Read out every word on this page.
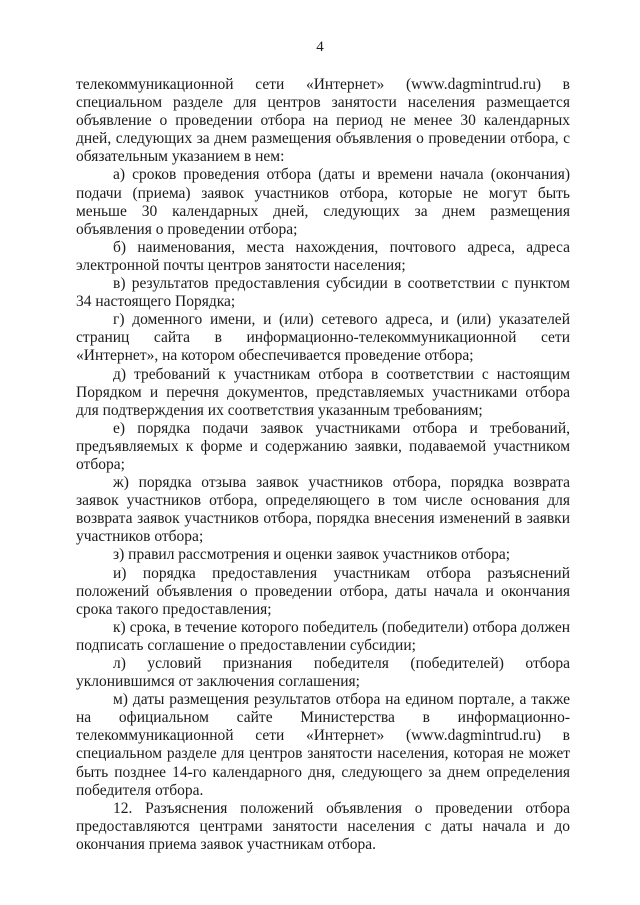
4

телекоммуникационной сети «Интернет» (www.dagmintrud.ru) в специальном разделе для центров занятости населения размещается объявление о проведении отбора на период не менее 30 календарных дней, следующих за днем размещения объявления о проведении отбора, с обязательным указанием в нем:

а) сроков проведения отбора (даты и времени начала (окончания) подачи (приема) заявок участников отбора, которые не могут быть меньше 30 календарных дней, следующих за днем размещения объявления о проведении отбора;

б) наименования, места нахождения, почтового адреса, адреса электронной почты центров занятости населения;

в) результатов предоставления субсидии в соответствии с пунктом 34 настоящего Порядка;

г) доменного имени, и (или) сетевого адреса, и (или) указателей страниц сайта в информационно-телекоммуникационной сети «Интернет», на котором обеспечивается проведение отбора;

д) требований к участникам отбора в соответствии с настоящим Порядком и перечня документов, представляемых участниками отбора для подтверждения их соответствия указанным требованиям;

е) порядка подачи заявок участниками отбора и требований, предъявляемых к форме и содержанию заявки, подаваемой участником отбора;

ж) порядка отзыва заявок участников отбора, порядка возврата заявок участников отбора, определяющего в том числе основания для возврата заявок участников отбора, порядка внесения изменений в заявки участников отбора;

з) правил рассмотрения и оценки заявок участников отбора;

и) порядка предоставления участникам отбора разъяснений положений объявления о проведении отбора, даты начала и окончания срока такого предоставления;

к) срока, в течение которого победитель (победители) отбора должен подписать соглашение о предоставлении субсидии;

л) условий признания победителя (победителей) отбора уклонившимся от заключения соглашения;

м) даты размещения результатов отбора на едином портале, а также на официальном сайте Министерства в информационно-телекоммуникационной сети «Интернет» (www.dagmintrud.ru) в специальном разделе для центров занятости населения, которая не может быть позднее 14-го календарного дня, следующего за днем определения победителя отбора.

12. Разъяснения положений объявления о проведении отбора предоставляются центрами занятости населения с даты начала и до окончания приема заявок участникам отбора.
